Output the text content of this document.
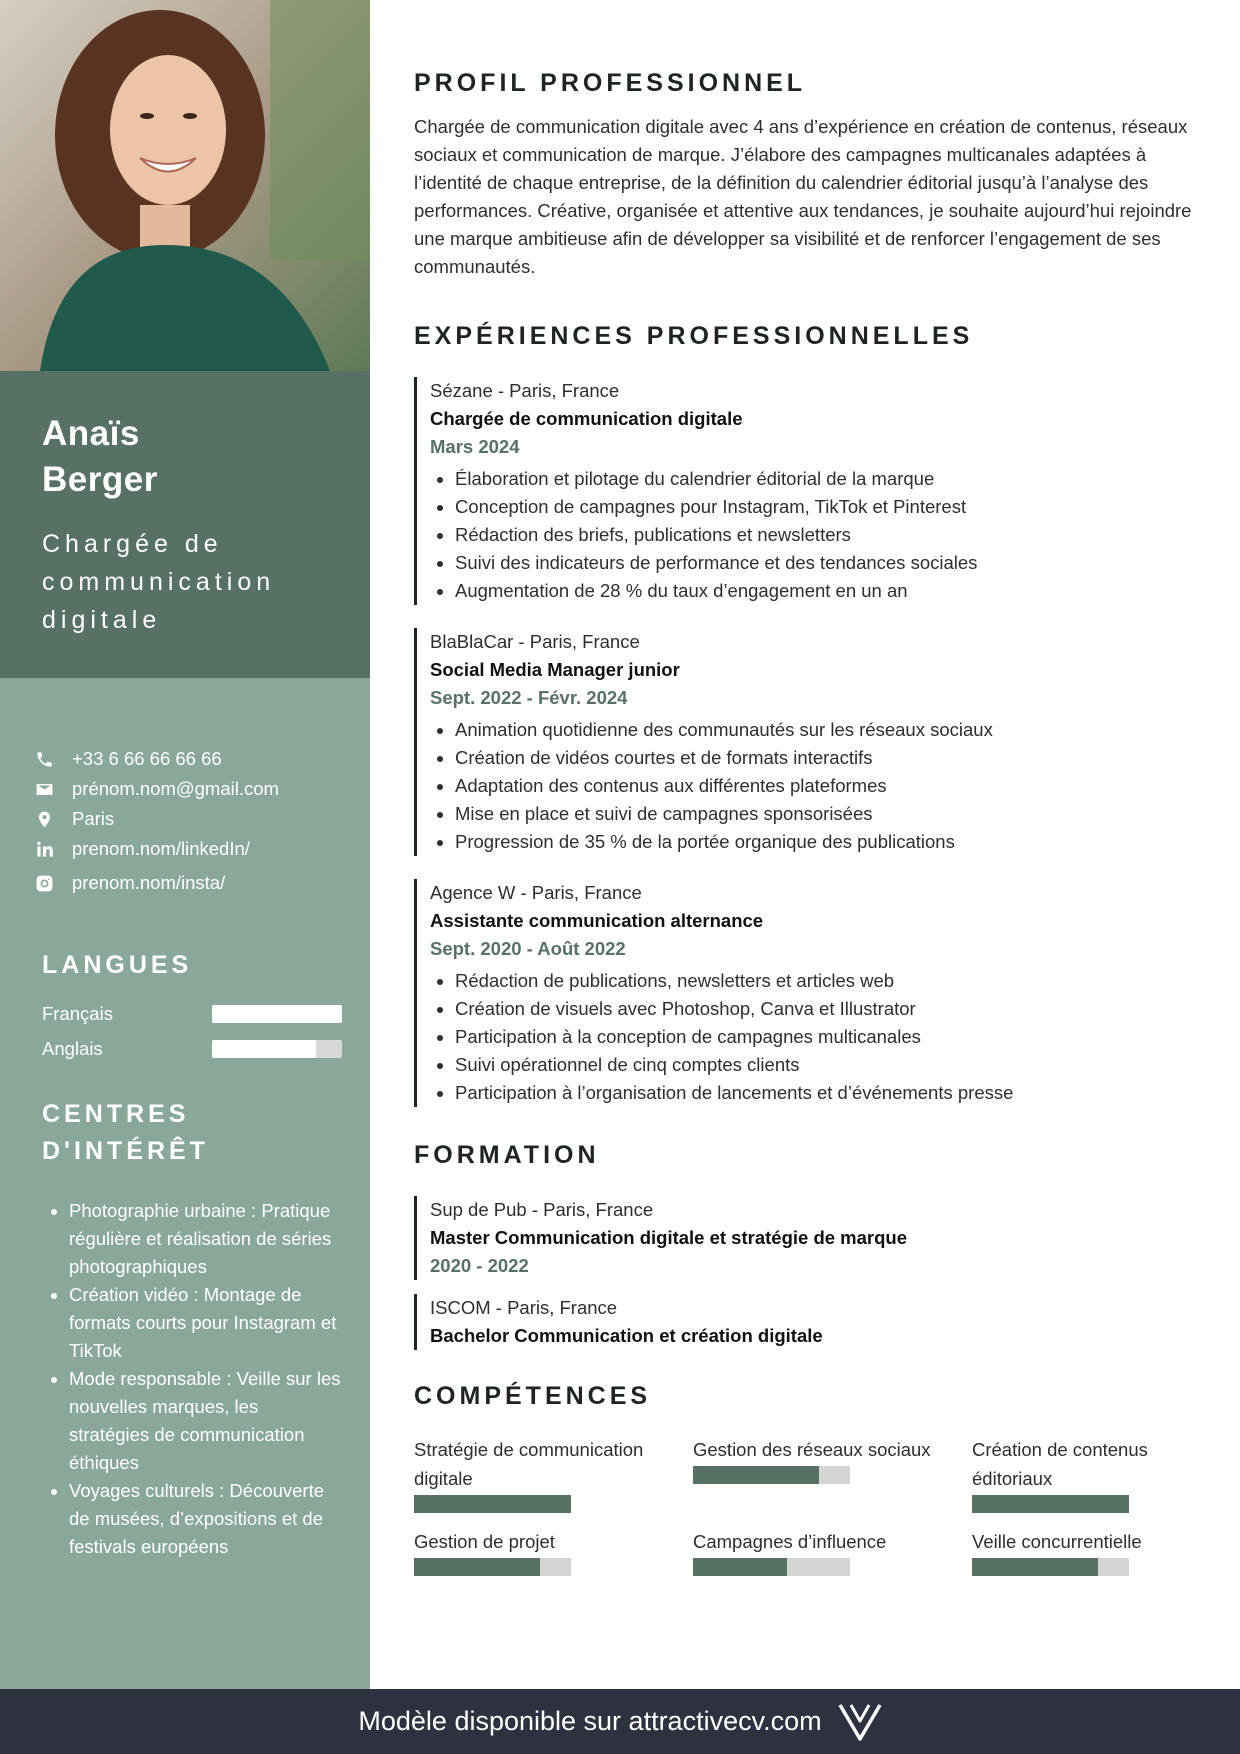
Anaïs
Berger
Chargée de communication digitale
+33 6 66 66 66 66
prénom.nom@gmail.com
Paris
prenom.nom/linkedIn/
prenom.nom/insta/
LANGUES
Français
Anglais
CENTRES D'INTÉRÊT
• Photographie urbaine : Pratique régulière et réalisation de séries photographiques
• Création vidéo : Montage de formats courts pour Instagram et TikTok
• Mode responsable : Veille sur les nouvelles marques, les stratégies de communication éthiques
• Voyages culturels : Découverte de musées, d’expositions et de festivals européens
PROFIL PROFESSIONNEL

Chargée de communication digitale avec 4 ans d’expérience en création de contenus, réseaux sociaux et communication de marque. J’élabore des campagnes multicanales adaptées à l’identité de chaque entreprise, de la définition du calendrier éditorial jusqu’à l’analyse des performances. Créative, organisée et attentive aux tendances, je souhaite aujourd’hui rejoindre une marque ambitieuse afin de développer sa visibilité et de renforcer l’engagement de ses communautés.

EXPÉRIENCES PROFESSIONNELLES
Sézane - Paris, France
Chargée de communication digitale
Mars 2024
• Élaboration et pilotage du calendrier éditorial de la marque
• Conception de campagnes pour Instagram, TikTok et Pinterest
• Rédaction des briefs, publications et newsletters
• Suivi des indicateurs de performance et des tendances sociales
• Augmentation de 28 % du taux d’engagement en un an
BlaBlaCar - Paris, France
Social Media Manager junior
Sept. 2022 - Févr. 2024
• Animation quotidienne des communautés sur les réseaux sociaux
• Création de vidéos courtes et de formats interactifs
• Adaptation des contenus aux différentes plateformes
• Mise en place et suivi de campagnes sponsorisées
• Progression de 35 % de la portée organique des publications
Agence W - Paris, France
Assistante communication alternance
Sept. 2020 - Août 2022
• Rédaction de publications, newsletters et articles web
• Création de visuels avec Photoshop, Canva et Illustrator
• Participation à la conception de campagnes multicanales
• Suivi opérationnel de cinq comptes clients
• Participation à l’organisation de lancements et d’événements presse
FORMATION
Sup de Pub - Paris, France
Master Communication digitale et stratégie de marque
2020 - 2022
ISCOM - Paris, France
Bachelor Communication et création digitale
COMPÉTENCES
Stratégie de communication digitale
Gestion des réseaux sociaux Création de contenus éditoriaux
Gestion de projet	Campagnes d’influence	Veille concurrentielle
Modèle disponible sur attractivecv.com
